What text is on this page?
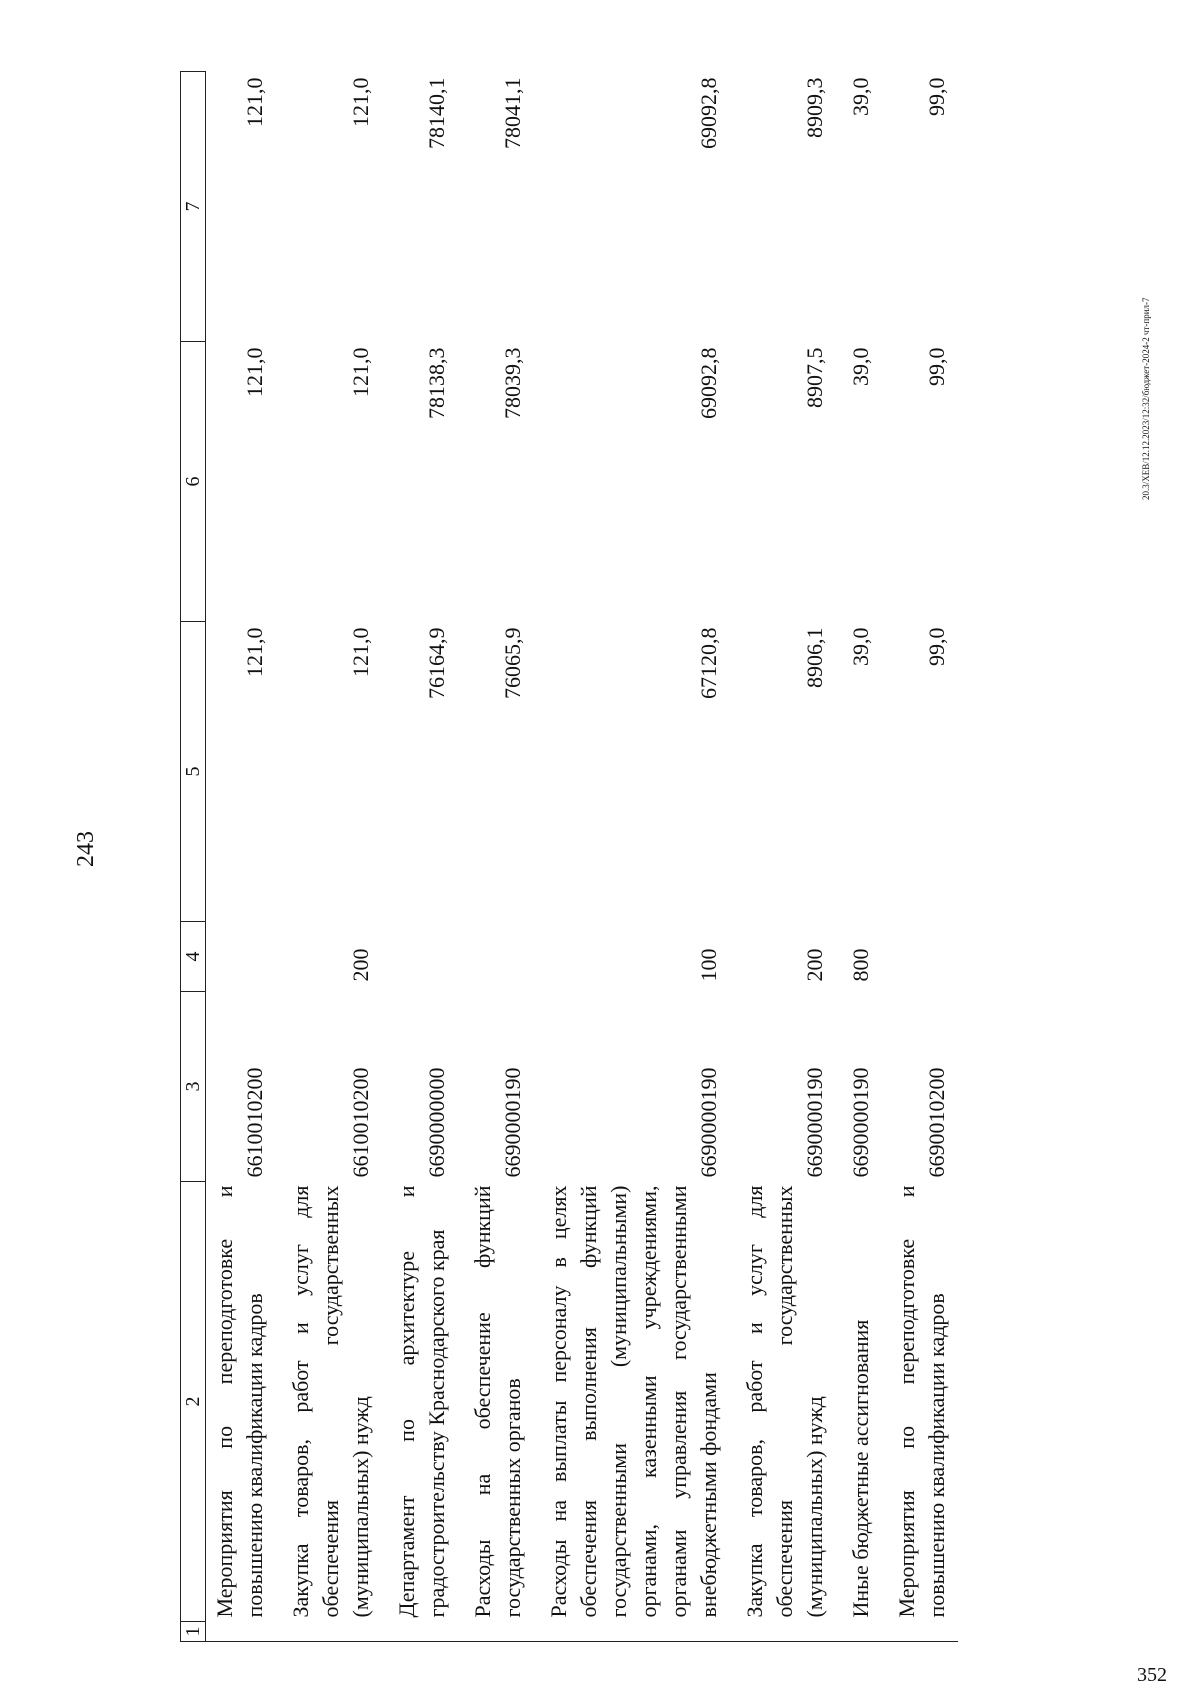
243
1	2	3	4	5	6	7
	Мероприятия по переподготовке и повышению квалификации кадров	6610010200		121,0	121,0	121,0
	Закупка товаров, работ и услуг для обеспечения государственных (муниципальных) нужд	6610010200	200	121,0	121,0	121,0
	Департамент по архитектуре и градостроительству Краснодарского края	6690000000		76164,9	78138,3	78140,1
	Расходы на обеспечение функций государственных органов	6690000190		76065,9	78039,3	78041,1
	Расходы на выплаты персоналу в целях обеспечения выполнения функций государственными (муниципальными) органами, казенными учреждениями, органами управления государственными внебюджетными фондами	6690000190	100	67120,8	69092,8	69092,8
	Закупка товаров, работ и услуг для обеспечения государственных (муниципальных) нужд	6690000190	200	8906,1	8907,5	8909,3
	Иные бюджетные ассигнования	6690000190	800	39,0	39,0	39,0
	Мероприятия по переподготовке и повышению квалификации кадров	6690010200		99,0	99,0	99,0
20.3/ХЕВ/12.12.2023/12:32/бюджет-2024-2 чт-прил-7
352
